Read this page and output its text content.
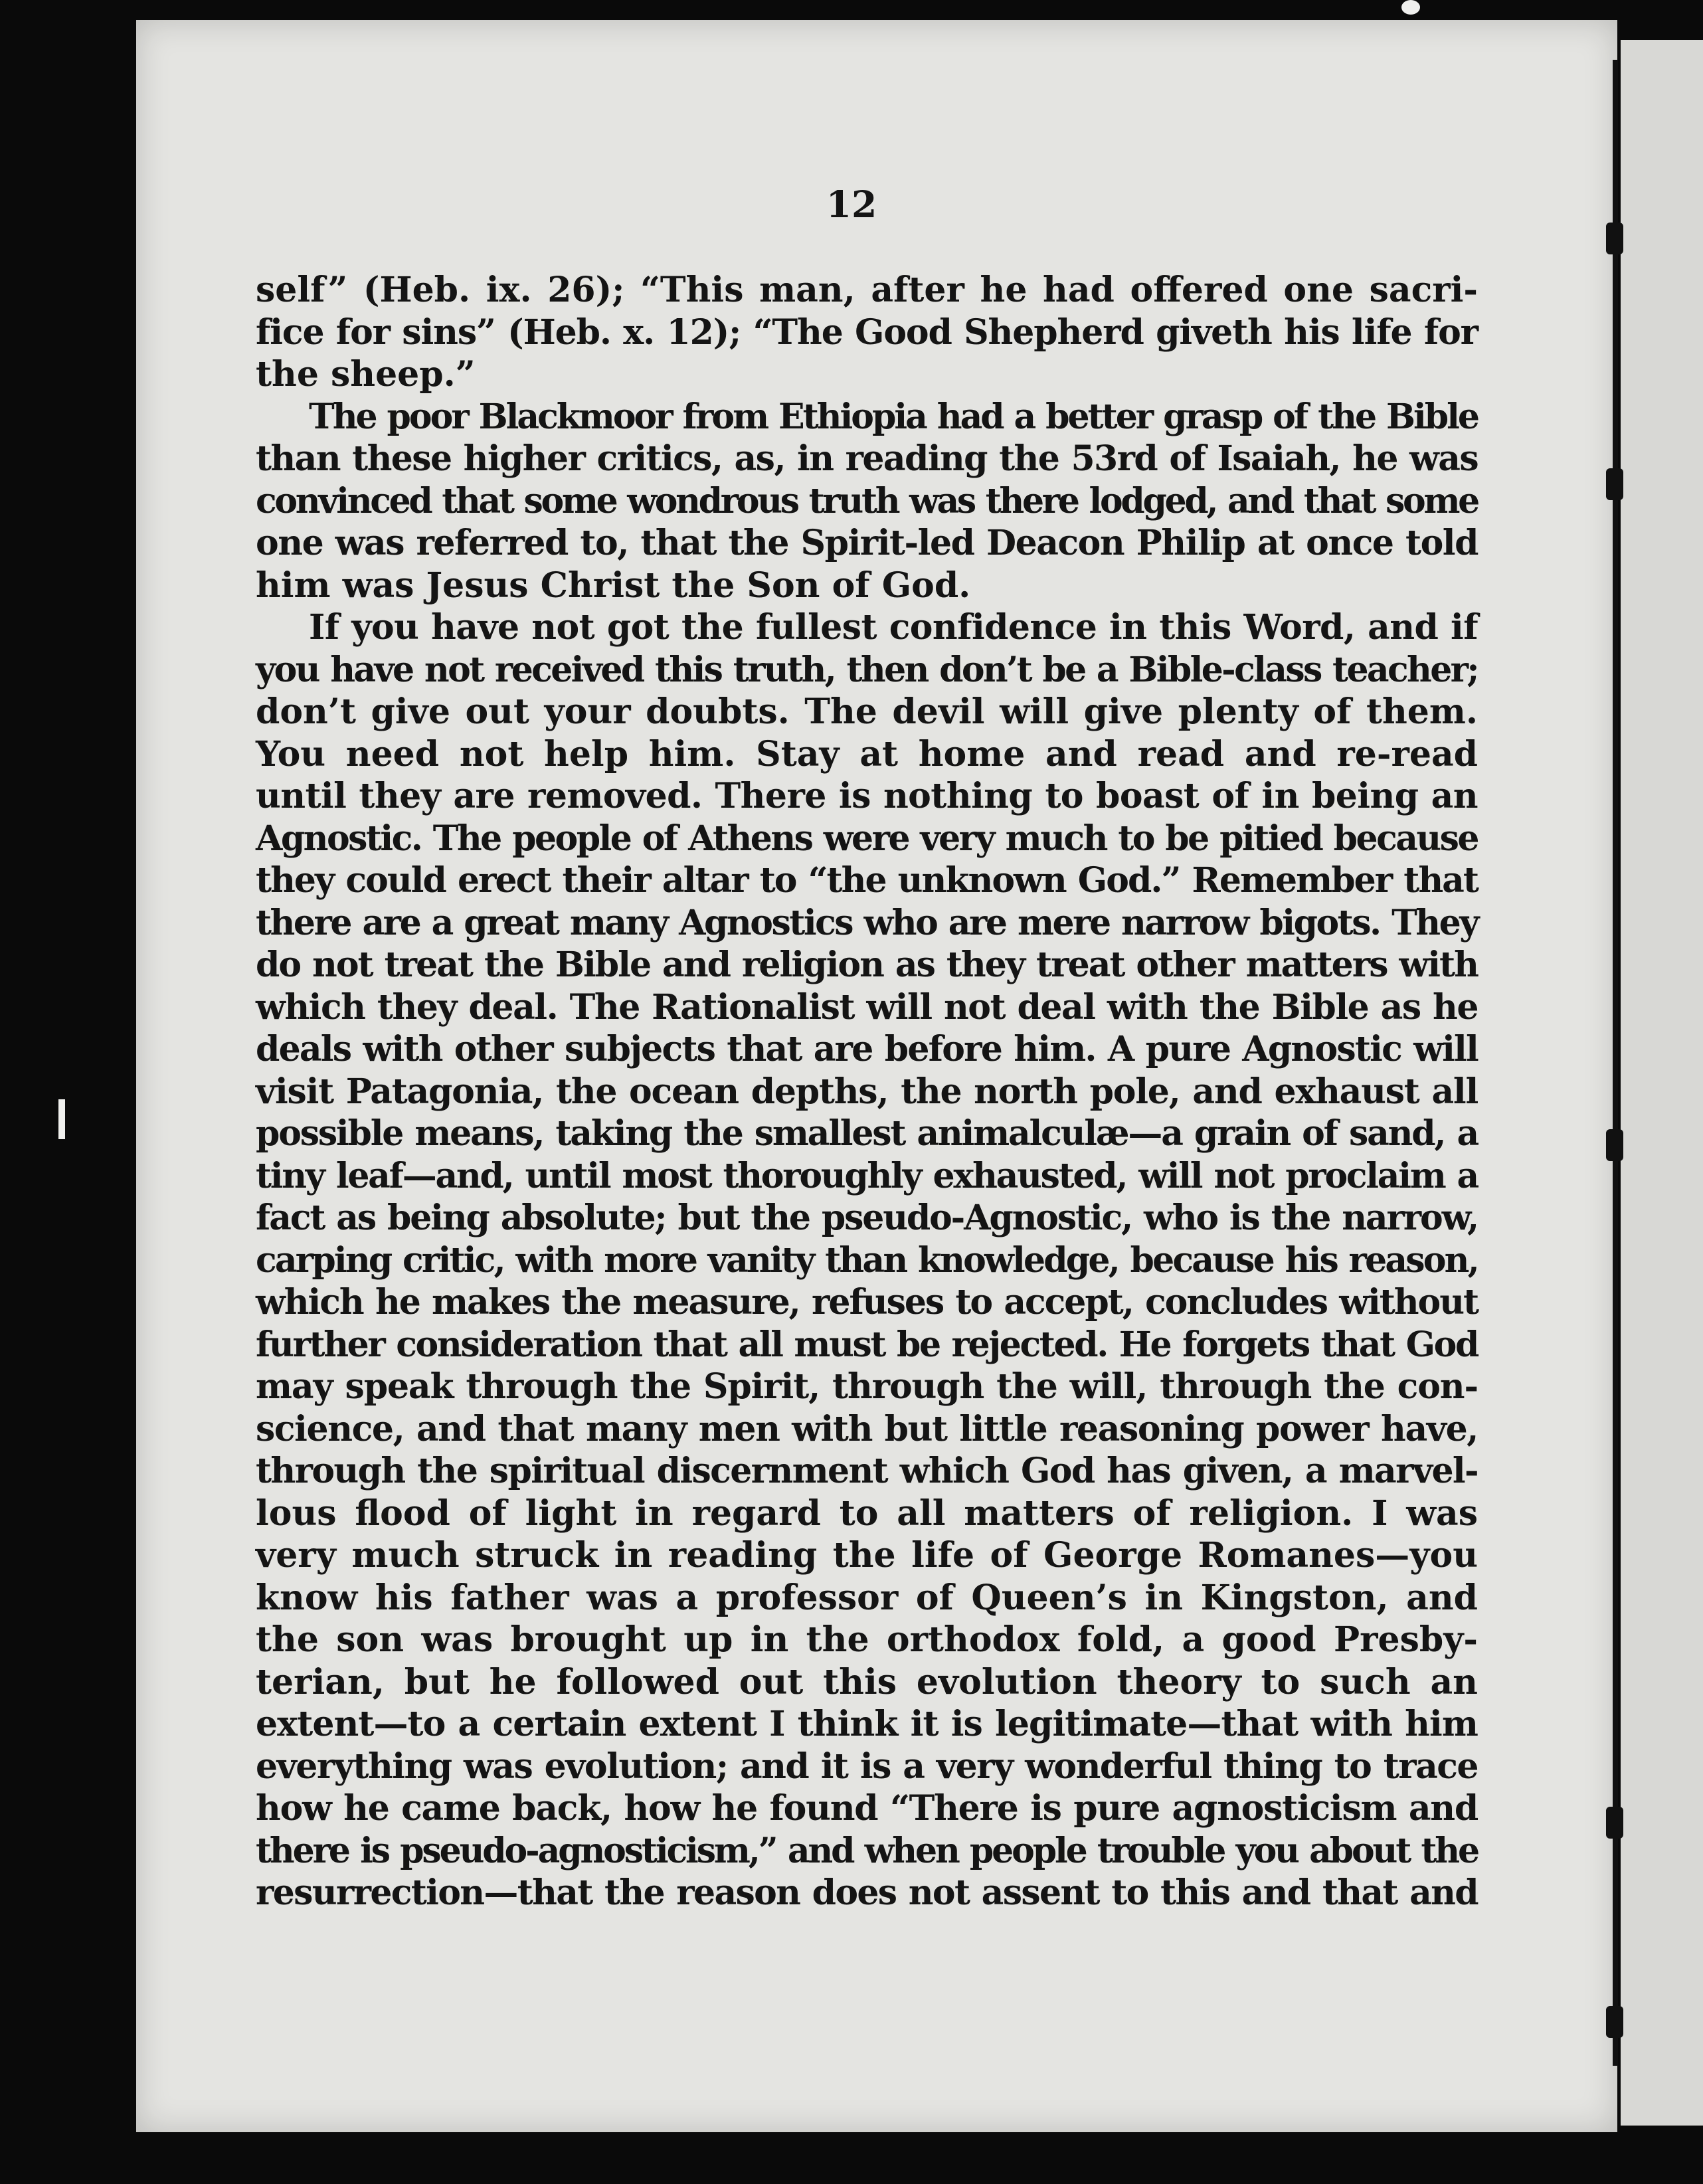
12
self” (Heb. ix. 26); “This man, after he had offered one sacri-
fice for sins” (Heb. x. 12); “The Good Shepherd giveth his life for
the sheep.”
The poor Blackmoor from Ethiopia had a better grasp of the Bible
than these higher critics, as, in reading the 53rd of Isaiah, he was
convinced that some wondrous truth was there lodged, and that some
one was referred to, that the Spirit-led Deacon Philip at once told
him was Jesus Christ the Son of God.
If you have not got the fullest confidence in this Word, and if
you have not received this truth, then don’t be a Bible-class teacher;
don’t give out your doubts. The devil will give plenty of them.
You need not help him. Stay at home and read and re-read
until they are removed. There is nothing to boast of in being an
Agnostic. The people of Athens were very much to be pitied because
they could erect their altar to “the unknown God.” Remember that
there are a great many Agnostics who are mere narrow bigots. They
do not treat the Bible and religion as they treat other matters with
which they deal. The Rationalist will not deal with the Bible as he
deals with other subjects that are before him. A pure Agnostic will
visit Patagonia, the ocean depths, the north pole, and exhaust all
possible means, taking the smallest animalculæ—a grain of sand, a
tiny leaf—and, until most thoroughly exhausted, will not proclaim a
fact as being absolute; but the pseudo-Agnostic, who is the narrow,
carping critic, with more vanity than knowledge, because his reason,
which he makes the measure, refuses to accept, concludes without
further consideration that all must be rejected. He forgets that God
may speak through the Spirit, through the will, through the con-
science, and that many men with but little reasoning power have,
through the spiritual discernment which God has given, a marvel-
lous flood of light in regard to all matters of religion. I was
very much struck in reading the life of George Romanes—you
know his father was a professor of Queen’s in Kingston, and
the son was brought up in the orthodox fold, a good Presby-
terian, but he followed out this evolution theory to such an
extent—to a certain extent I think it is legitimate—that with him
everything was evolution; and it is a very wonderful thing to trace
how he came back, how he found “There is pure agnosticism and
there is pseudo-agnosticism,” and when people trouble you about the
resurrection—that the reason does not assent to this and that and
